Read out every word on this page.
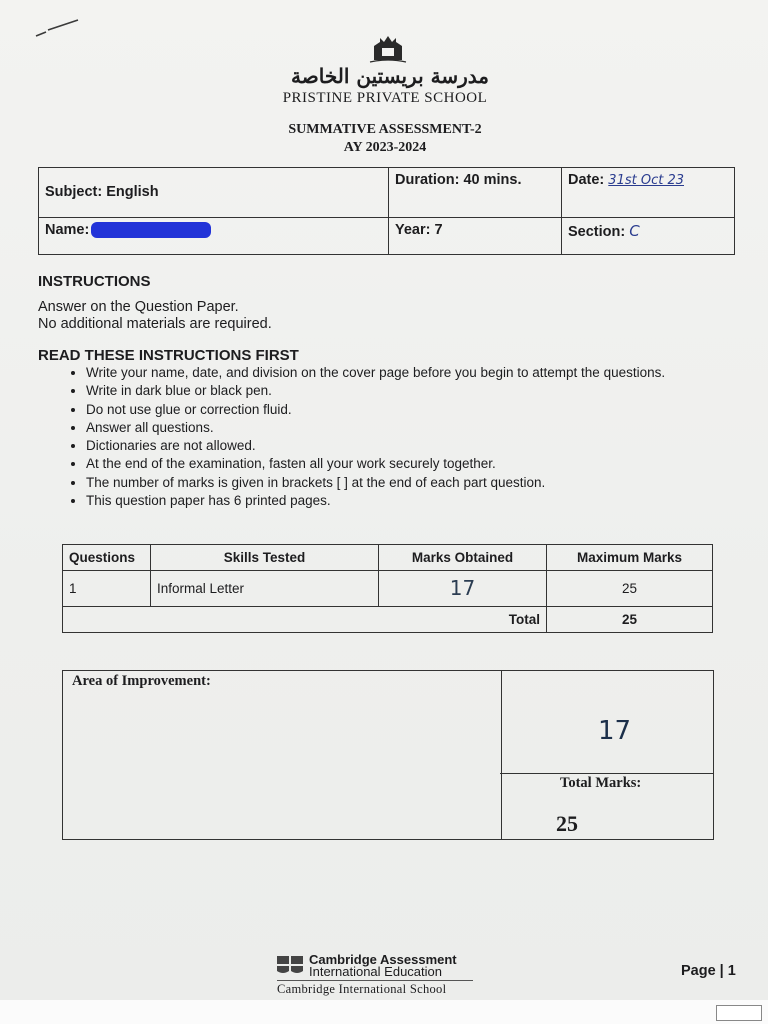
مدرسة بريستين الخاصة
PRISTINE PRIVATE SCHOOL
SUMMATIVE ASSESSMENT-2
AY 2023-2024
Subject: English	Duration: 40 mins.	Date: 31st Oct 23
Name:	Year: 7	Section: C
INSTRUCTIONS
Answer on the Question Paper.
No additional materials are required.
READ THESE INSTRUCTIONS FIRST
• Write your name, date, and division on the cover page before you begin to attempt the questions.
• Write in dark blue or black pen.
• Do not use glue or correction fluid.
• Answer all questions.
• Dictionaries are not allowed.
• At the end of the examination, fasten all your work securely together.
• The number of marks is given in brackets [ ] at the end of each part question.
• This question paper has 6 printed pages.
Questions	Skills Tested	Marks Obtained	Maximum Marks
1	Informal Letter	17	25
Total			25
Area of Improvement:
17
Total Marks:
25
Cambridge Assessment
International Education
Cambridge International School
Page | 1
